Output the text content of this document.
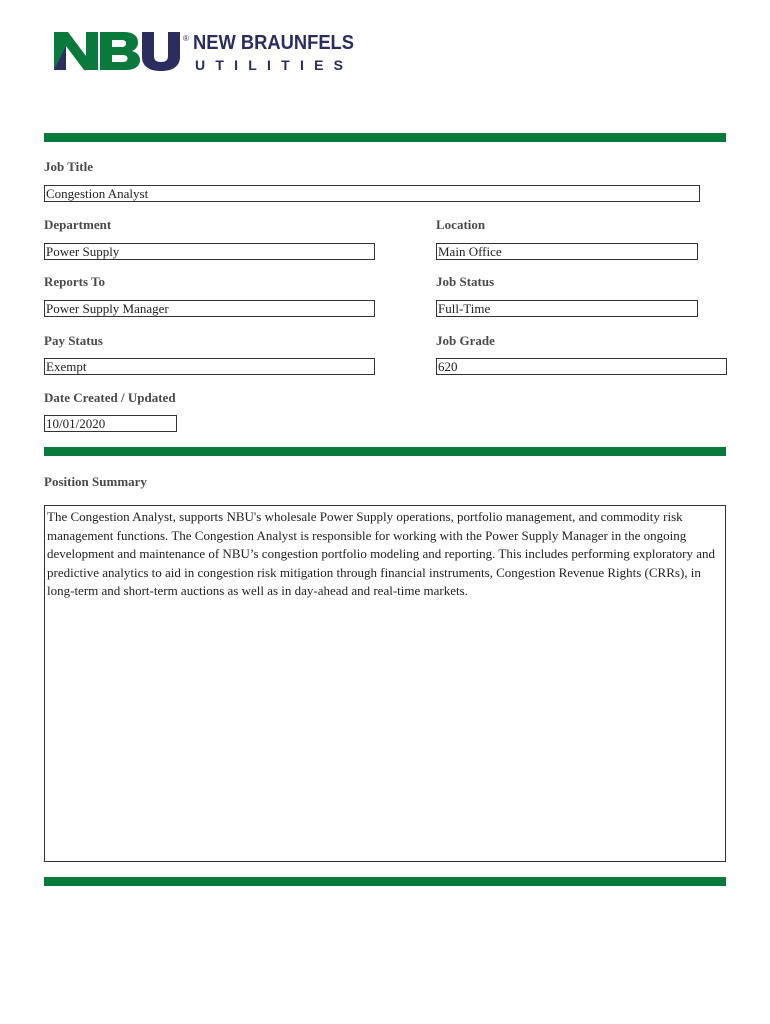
® NEW BRAUNFELS
UTILITIES
Job Title
Congestion Analyst
Department
Power Supply
Location
Main Office
Reports To
Power Supply Manager
Job Status
Full-Time
Pay Status
Exempt
Job Grade
620
Date Created / Updated
10/01/2020
Position Summary
The Congestion Analyst, supports NBU's wholesale Power Supply operations, portfolio management, and commodity risk management functions. The Congestion Analyst is responsible for working with the Power Supply Manager in the ongoing development and maintenance of NBU’s congestion portfolio modeling and reporting. This includes performing exploratory and predictive analytics to aid in congestion risk mitigation through financial instruments, Congestion Revenue Rights (CRRs), in long-term and short-term auctions as well as in day-ahead and real-time markets.
